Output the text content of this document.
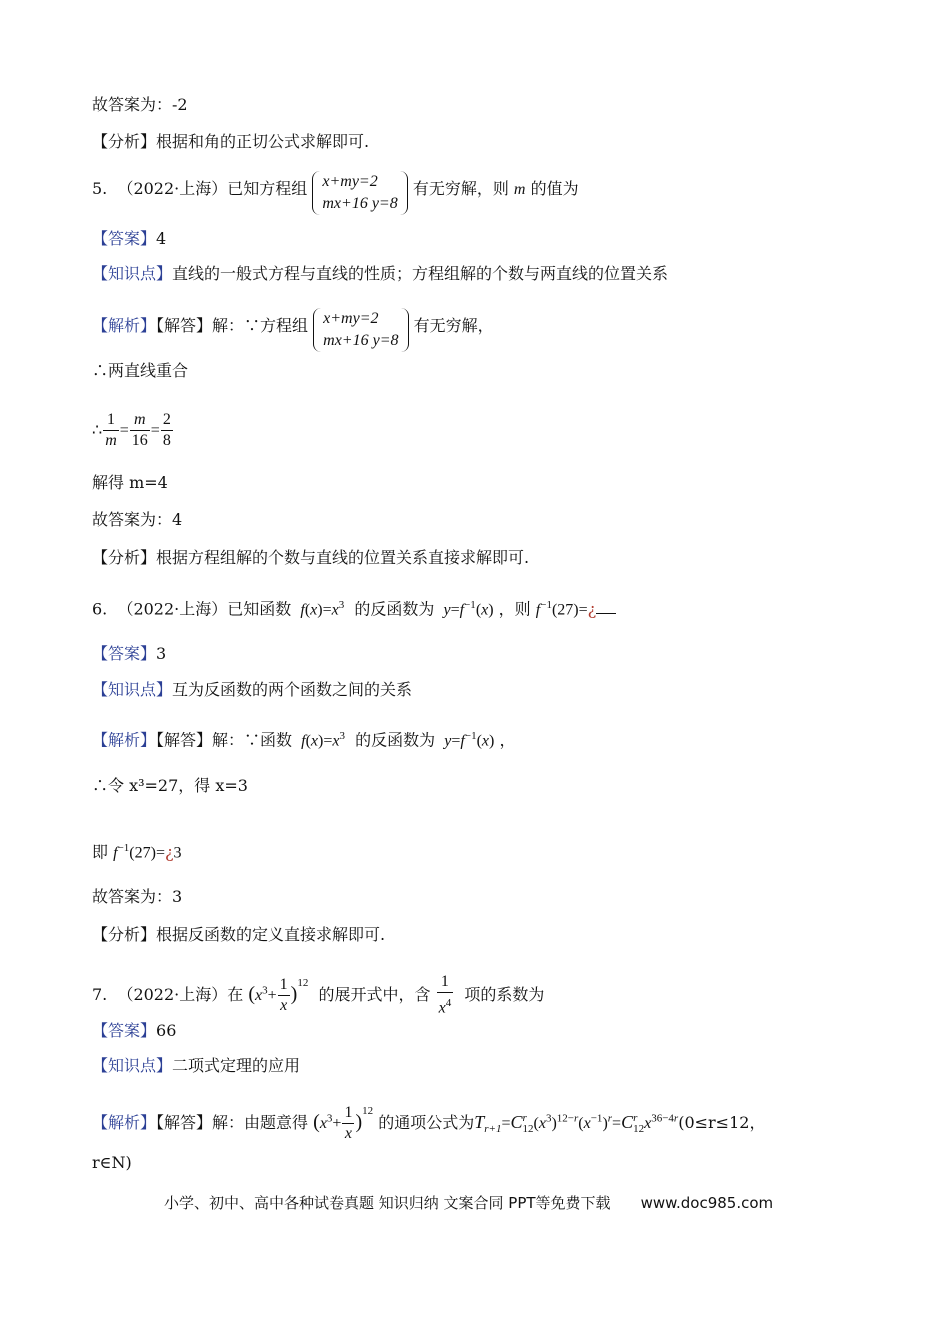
故答案为：-2
【分析】根据和角的正切公式求解即可.
5. （2022·上海）已知方程组 x+my=2
mx+16 y=8
有无穷解，则 m 的值为
【答案】4
【知识点】直线的一般式方程与直线的性质；方程组解的个数与两直线的位置关系
【解析】【解答】解：∵方程组 x+my=2
mx+16 y=8
有无穷解，
∴两直线重合
∴ $\frac{1}{m} = \frac{m}{16} = \frac{2}{8}$
解得 m=4
故答案为：4
【分析】根据方程组解的个数与直线的位置关系直接求解即可.
6. （2022·上海）已知函数  $f(x)=x^3$ 的反函数为  $y=f^{-1}(x)$ ，则 $f^{-1}(27)=¿$
【答案】3
【知识点】互为反函数的两个函数之间的关系
【解析】【解答】解：∵函数  $f(x)=x^3$ 的反函数为  $y=f^{-1}(x)$ ，
∴令 x³=27，得 x=3
即 $f^{-1}(27)=¿3$
故答案为：3
【分析】根据反函数的定义直接求解即可.
7. （2022·上海）在 $(x^3+ \frac{1}{x} )^{12}$  的展开式中，含 $\frac{1}{x^4}$ 项的系数为
【答案】66
【知识点】二项式定理的应用
【解析】【解答】解：由题意得 $(x^3+ \frac{1}{x} )^{12}$ 的通项公式为$T_{r+1}=C$ r
12 $(x^3)^{12-r}(x^{-1})^r=C$ r
12 $x^{36-4r}(0\le r\le 12$，
r∈N)
小学、初中、高中各种试卷真题 知识归纳 文案合同 PPT等免费下载 www.doc985.com
